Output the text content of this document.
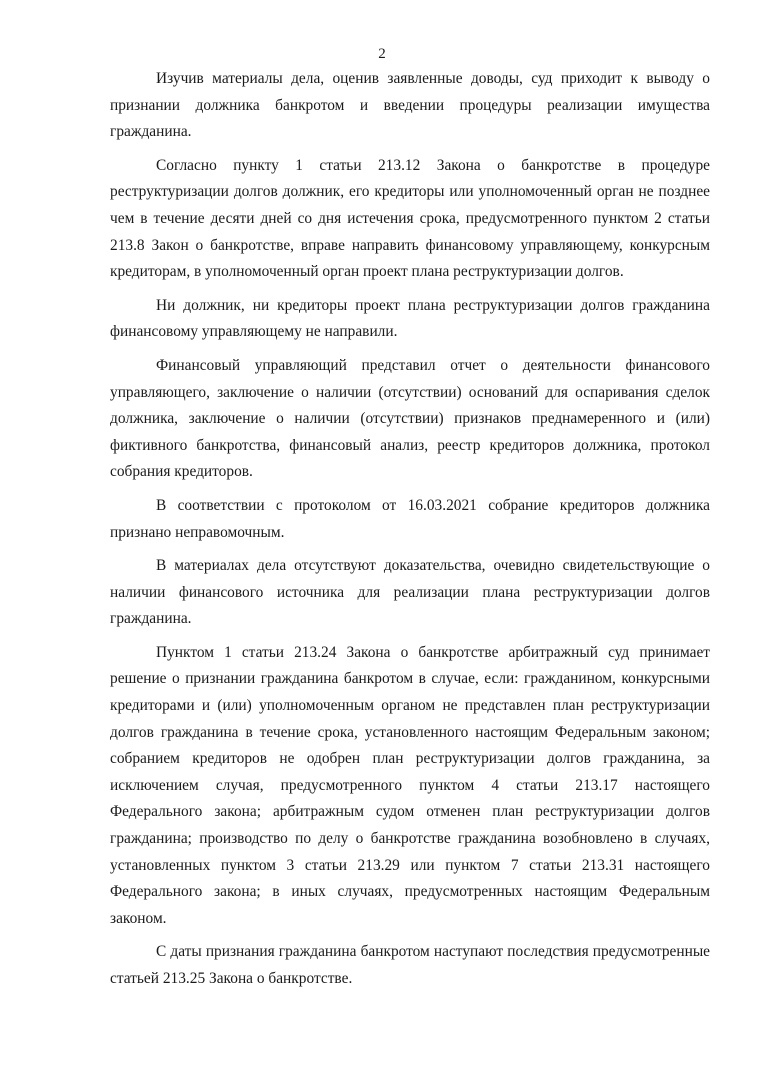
2

Изучив материалы дела, оценив заявленные доводы, суд приходит к выводу о признании должника банкротом и введении процедуры реализации имущества гражданина.

Согласно пункту 1 статьи 213.12 Закона о банкротстве в процедуре реструктуризации долгов должник, его кредиторы или уполномоченный орган не позднее чем в течение десяти дней со дня истечения срока, предусмотренного пунктом 2 статьи 213.8 Закон о банкротстве, вправе направить финансовому управляющему, конкурсным кредиторам, в уполномоченный орган проект плана реструктуризации долгов.

Ни должник, ни кредиторы проект плана реструктуризации долгов гражданина финансовому управляющему не направили.

Финансовый управляющий представил отчет о деятельности финансового управляющего, заключение о наличии (отсутствии) оснований для оспаривания сделок должника, заключение о наличии (отсутствии) признаков преднамеренного и (или) фиктивного банкротства, финансовый анализ, реестр кредиторов должника, протокол собрания кредиторов.

В соответствии с протоколом от 16.03.2021 собрание кредиторов должника признано неправомочным.

В материалах дела отсутствуют доказательства, очевидно свидетельствующие о наличии финансового источника для реализации плана реструктуризации долгов гражданина.

Пунктом 1 статьи 213.24 Закона о банкротстве арбитражный суд принимает решение о признании гражданина банкротом в случае, если: гражданином, конкурсными кредиторами и (или) уполномоченным органом не представлен план реструктуризации долгов гражданина в течение срока, установленного настоящим Федеральным законом; собранием кредиторов не одобрен план реструктуризации долгов гражданина, за исключением случая, предусмотренного пунктом 4 статьи 213.17 настоящего Федерального закона; арбитражным судом отменен план реструктуризации долгов гражданина; производство по делу о банкротстве гражданина возобновлено в случаях, установленных пунктом 3 статьи 213.29 или пунктом 7 статьи 213.31 настоящего Федерального закона; в иных случаях, предусмотренных настоящим Федеральным законом.

С даты признания гражданина банкротом наступают последствия предусмотренные статьей 213.25 Закона о банкротстве.
